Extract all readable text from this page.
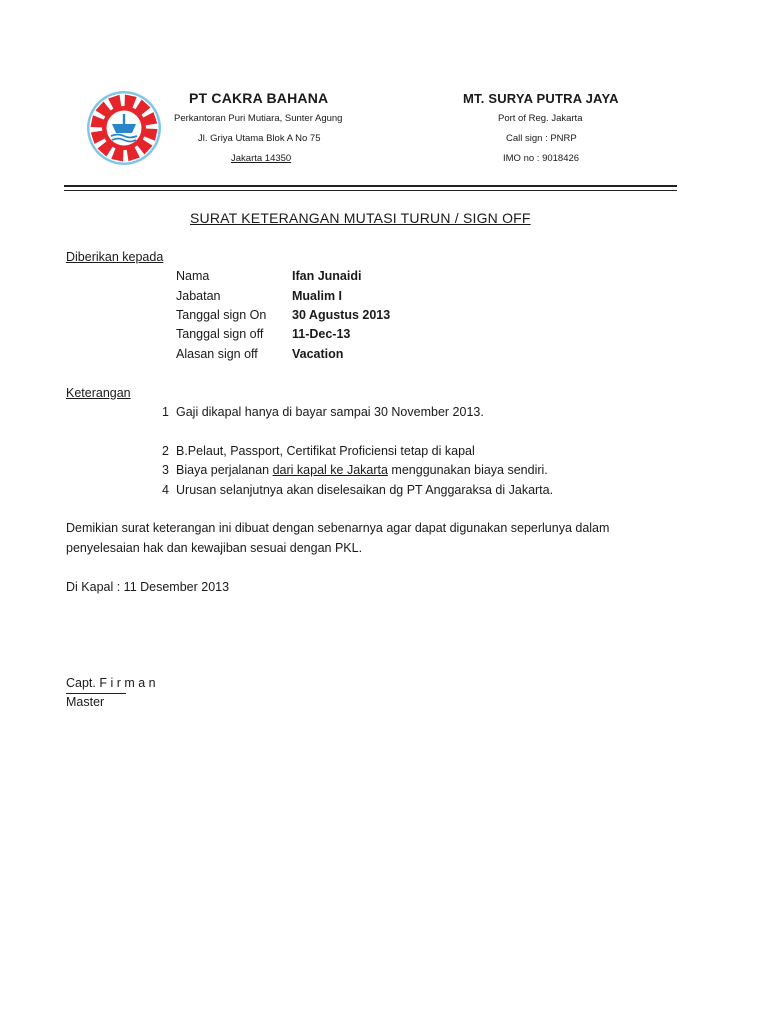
PT CAKRA BAHANA
Perkantoran Puri Mutiara, Sunter Agung
Jl. Griya Utama Blok A No 75
Jakarta 14350
MT. SURYA PUTRA JAYA
Port of Reg. Jakarta
Call sign : PNRP
IMO no : 9018426
SURAT KETERANGAN MUTASI TURUN / SIGN OFF
Diberikan kepada
Nama	Ifan Junaidi
Jabatan	Mualim I
Tanggal sign On 30 Agustus 2013
Tanggal sign off 11-Dec-13
Alasan sign off	Vacation
Keterangan
1 Gaji dikapal hanya di bayar sampai 30 November 2013.
2 B.Pelaut, Passport, Certifikat Proficiensi tetap di kapal
3 Biaya perjalanan dari kapal ke Jakarta menggunakan biaya sendiri.
4 Urusan selanjutnya akan diselesaikan dg PT Anggaraksa di Jakarta.
Demikian surat keterangan ini dibuat dengan sebenarnya agar dapat digunakan seperlunya dalam
penyelesaian hak dan kewajiban sesuai dengan PKL.
Di Kapal : 11 Desember 2013
Capt. F i r m a n
Master
